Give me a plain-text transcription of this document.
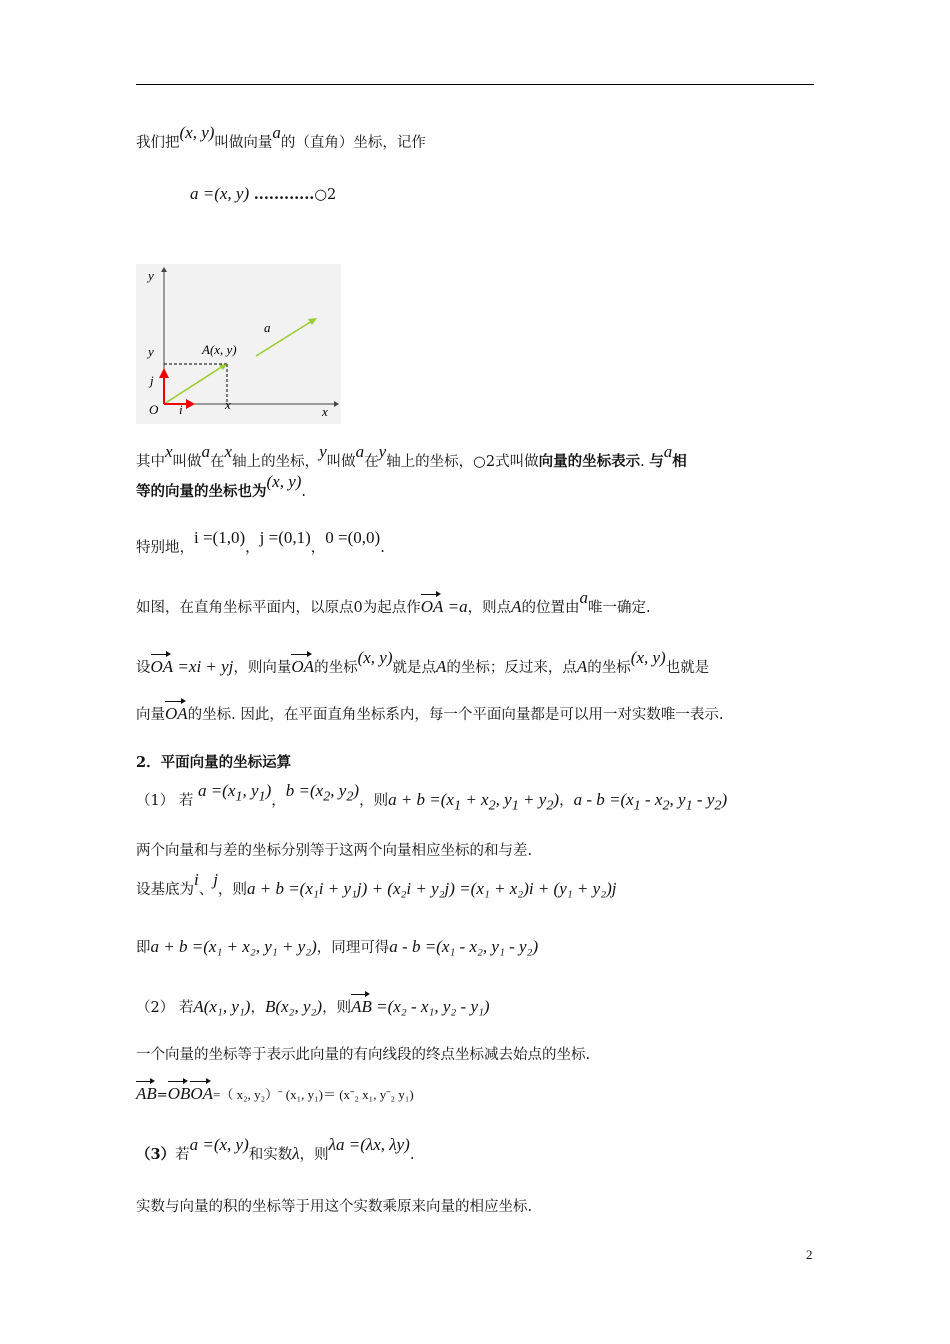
我们把(x, y)叫做向量a的（直角）坐标，记作
a =(x, y) ............○2
y
x
O
y
x
A(x, y)
a
j
i
其中x叫做a在x轴上的坐标，y叫做a在y轴上的坐标，○2式叫做向量的坐标表示. 与a相
等的向量的坐标也为(x, y).
特别地，i =(1,0)，j =(0,1)，0 =(0,0).
如图，在直角坐标平面内，以原点0为起点作OA =a，则点A的位置由a唯一确定.
设OA =xi + yj，则向量OA的坐标(x, y)就是点A的坐标；反过来，点A的坐标(x, y)也就是
向量OA的坐标. 因此，在平面直角坐标系内，每一个平面向量都是可以用一对实数唯一表示.
2．平面向量的坐标运算
（1） 若 $a =(x_1$, $y_1$)，$b =(x_2$, $y_2$)，则$a + b =(x_1 + x_2$, $y_1 + y_2$)，$a - b =(x_1 - x_2$, $y_1 - y_2$)
两个向量和与差的坐标分别等于这两个向量相应坐标的和与差.
设基底为i、j，则a + b =(x₁i + y₁j) + (x₂i + y₂j) =(x₁ + x₂)i + (y₁ + y₂)j
即a + b =(x₁ + x₂, y₁ + y₂)，同理可得a - b =(x₁ - x₂, y₁ - y₂)
（2） 若A(x₁, y₁)，B(x₂, y₂)，则AB =(x₂ - x₁, y₂ - y₁)
一个向量的坐标等于表示此向量的有向线段的终点坐标减去始点的坐标.
AB=OBOA=（ x₂, y₂）ˉ (x₁, y₁)＝ (xˉ₂ x₁, yˉ₂ y₁)
（3）若a =(x, y)和实数λ，则λa =(λx, λy).
实数与向量的积的坐标等于用这个实数乘原来向量的相应坐标.
2
